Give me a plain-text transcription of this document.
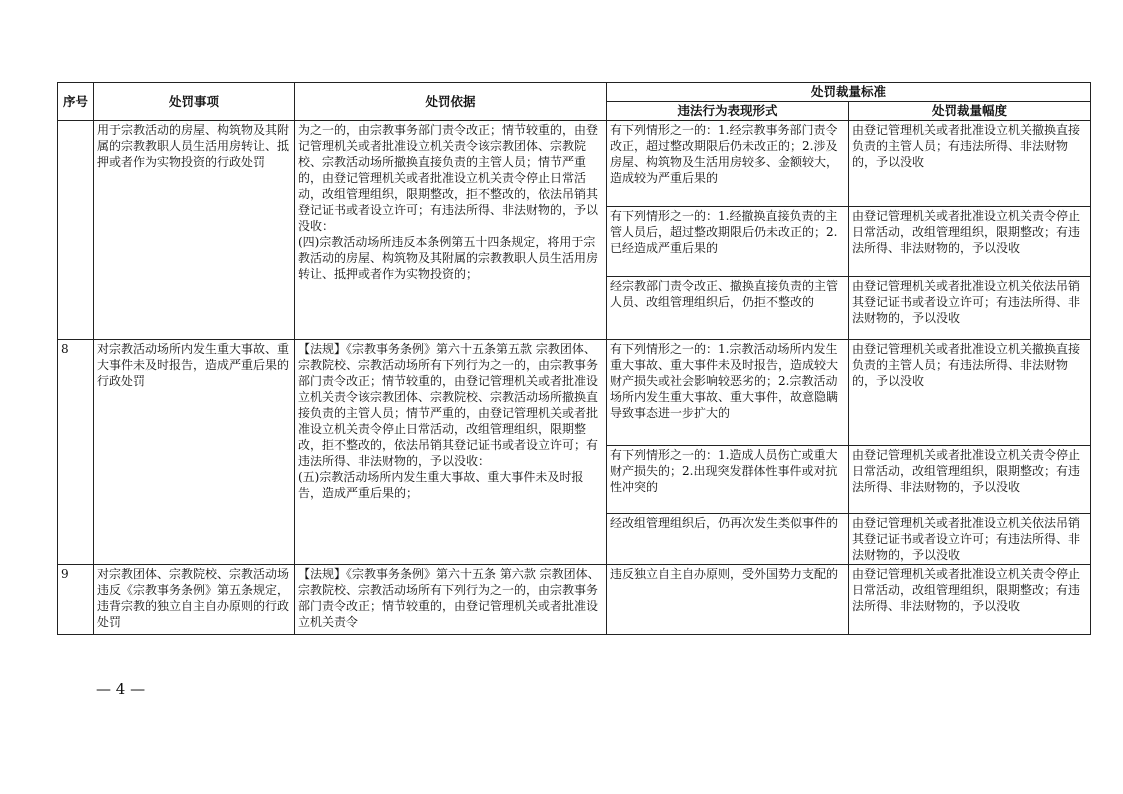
序号	处罚事项	处罚依据	处罚裁量标准	
			违法行为表现形式	处罚裁量幅度
	用于宗教活动的房屋、构筑物及其附属的宗教教职人员生活用房转让、抵押或者作为实物投资的行政处罚	为之一的，由宗教事务部门责令改正；情节较重的，由登记管理机关或者批准设立机关责令该宗教团体、宗教院校、宗教活动场所撤换直接负责的主管人员；情节严重的，由登记管理机关或者批准设立机关责令停止日常活动，改组管理组织，限期整改，拒不整改的，依法吊销其登记证书或者设立许可；有违法所得、非法财物的，予以没收：

(四)宗教活动场所违反本条例第五十四条规定，将用于宗教活动的房屋、构筑物及其附属的宗教教职人员生活用房转让、抵押或者作为实物投资的；	有下列情形之一的：1.经宗教事务部门责令改正，超过整改期限后仍未改正的；2.涉及房屋、构筑物及生活用房较多、金额较大，造成较为严重后果的	由登记管理机关或者批准设立机关撤换直接负责的主管人员；有违法所得、非法财物的，予以没收
			有下列情形之一的：1.经撤换直接负责的主管人员后，超过整改期限后仍未改正的；2.已经造成严重后果的	由登记管理机关或者批准设立机关责令停止日常活动，改组管理组织，限期整改；有违法所得、非法财物的，予以没收
			经宗教部门责令改正、撤换直接负责的主管人员、改组管理组织后，仍拒不整改的	由登记管理机关或者批准设立机关依法吊销其登记证书或者设立许可；有违法所得、非法财物的，予以没收
8	对宗教活动场所内发生重大事故、重大事件未及时报告，造成严重后果的行政处罚	【法规】《宗教事务条例》第六十五条第五款 宗教团体、宗教院校、宗教活动场所有下列行为之一的，由宗教事务部门责令改正；情节较重的，由登记管理机关或者批准设立机关责令该宗教团体、宗教院校、宗教活动场所撤换直接负责的主管人员；情节严重的，由登记管理机关或者批准设立机关责令停止日常活动，改组管理组织，限期整改，拒不整改的，依法吊销其登记证书或者设立许可；有违法所得、非法财物的，予以没收：

(五)宗教活动场所内发生重大事故、重大事件未及时报告，造成严重后果的；	有下列情形之一的：1.宗教活动场所内发生重大事故、重大事件未及时报告，造成较大财产损失或社会影响较恶劣的；2.宗教活动场所内发生重大事故、重大事件，故意隐瞒导致事态进一步扩大的	由登记管理机关或者批准设立机关撤换直接负责的主管人员；有违法所得、非法财物的，予以没收
			有下列情形之一的：1.造成人员伤亡或重大财产损失的；2.出现突发群体性事件或对抗性冲突的	由登记管理机关或者批准设立机关责令停止日常活动，改组管理组织，限期整改；有违法所得、非法财物的，予以没收
			经改组管理组织后，仍再次发生类似事件的	由登记管理机关或者批准设立机关依法吊销其登记证书或者设立许可；有违法所得、非法财物的，予以没收
9	对宗教团体、宗教院校、宗教活动场违反《宗教事务条例》第五条规定，违背宗教的独立自主自办原则的行政处罚	【法规】《宗教事务条例》第六十五条 第六款 宗教团体、宗教院校、宗教活动场所有下列行为之一的，由宗教事务部门责令改正；情节较重的，由登记管理机关或者批准设立机关责令	违反独立自主自办原则，受外国势力支配的	由登记管理机关或者批准设立机关责令停止日常活动，改组管理组织，限期整改；有违法所得、非法财物的，予以没收
— 4 —
